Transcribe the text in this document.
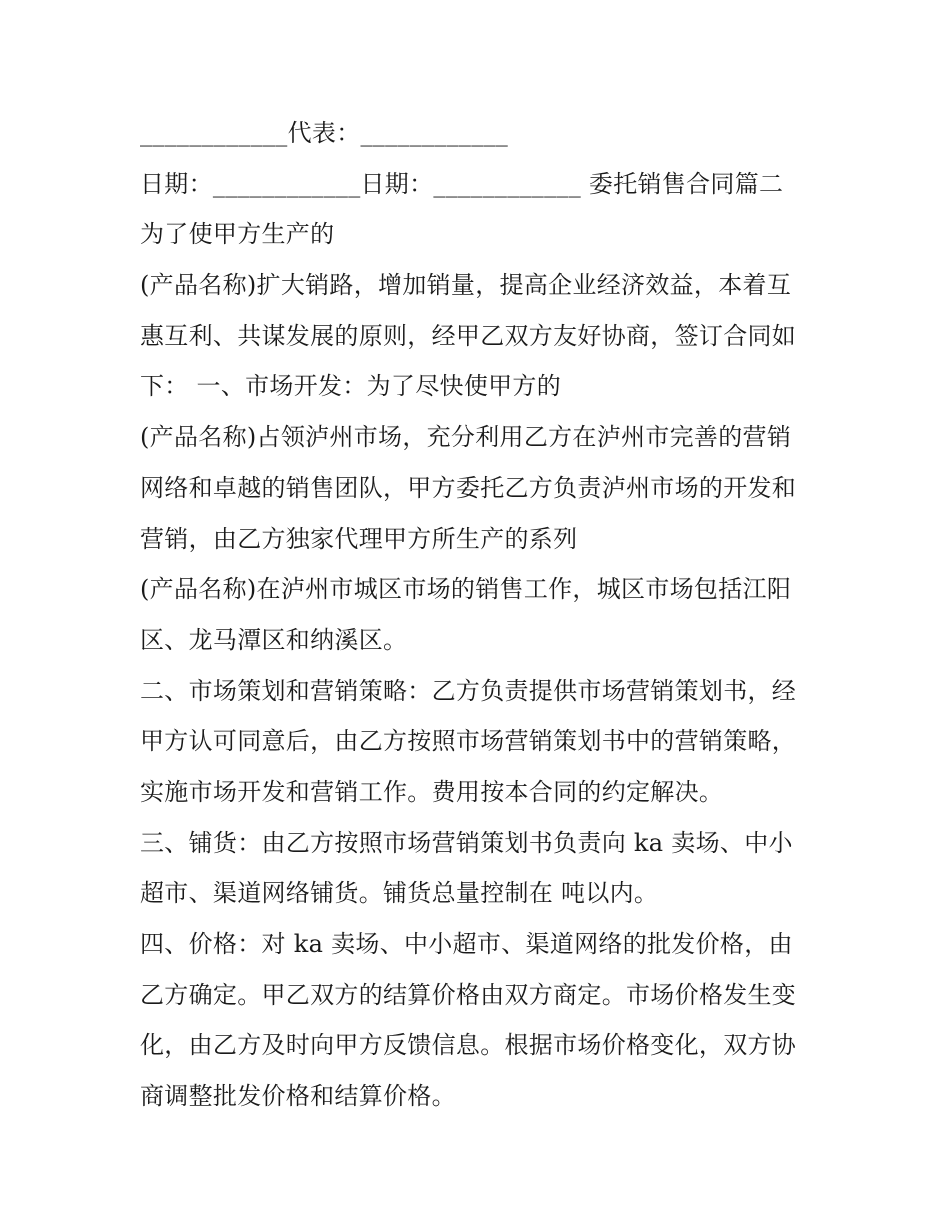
____________代表：____________
日期：____________日期：____________ 委托销售合同篇二
为了使甲方生产的
(产品名称)扩大销路，增加销量，提高企业经济效益，本着互
惠互利、共谋发展的原则，经甲乙双方友好协商，签订合同如
下： 一、市场开发：为了尽快使甲方的
(产品名称)占领泸州市场，充分利用乙方在泸州市完善的营销
网络和卓越的销售团队，甲方委托乙方负责泸州市场的开发和
营销，由乙方独家代理甲方所生产的系列
(产品名称)在泸州市城区市场的销售工作，城区市场包括江阳
区、龙马潭区和纳溪区。
二、市场策划和营销策略：乙方负责提供市场营销策划书，经
甲方认可同意后，由乙方按照市场营销策划书中的营销策略，
实施市场开发和营销工作。费用按本合同的约定解决。
三、铺货：由乙方按照市场营销策划书负责向 ka 卖场、中小
超市、渠道网络铺货。铺货总量控制在 吨以内。
四、价格：对 ka 卖场、中小超市、渠道网络的批发价格，由
乙方确定。甲乙双方的结算价格由双方商定。市场价格发生变
化，由乙方及时向甲方反馈信息。根据市场价格变化，双方协
商调整批发价格和结算价格。
